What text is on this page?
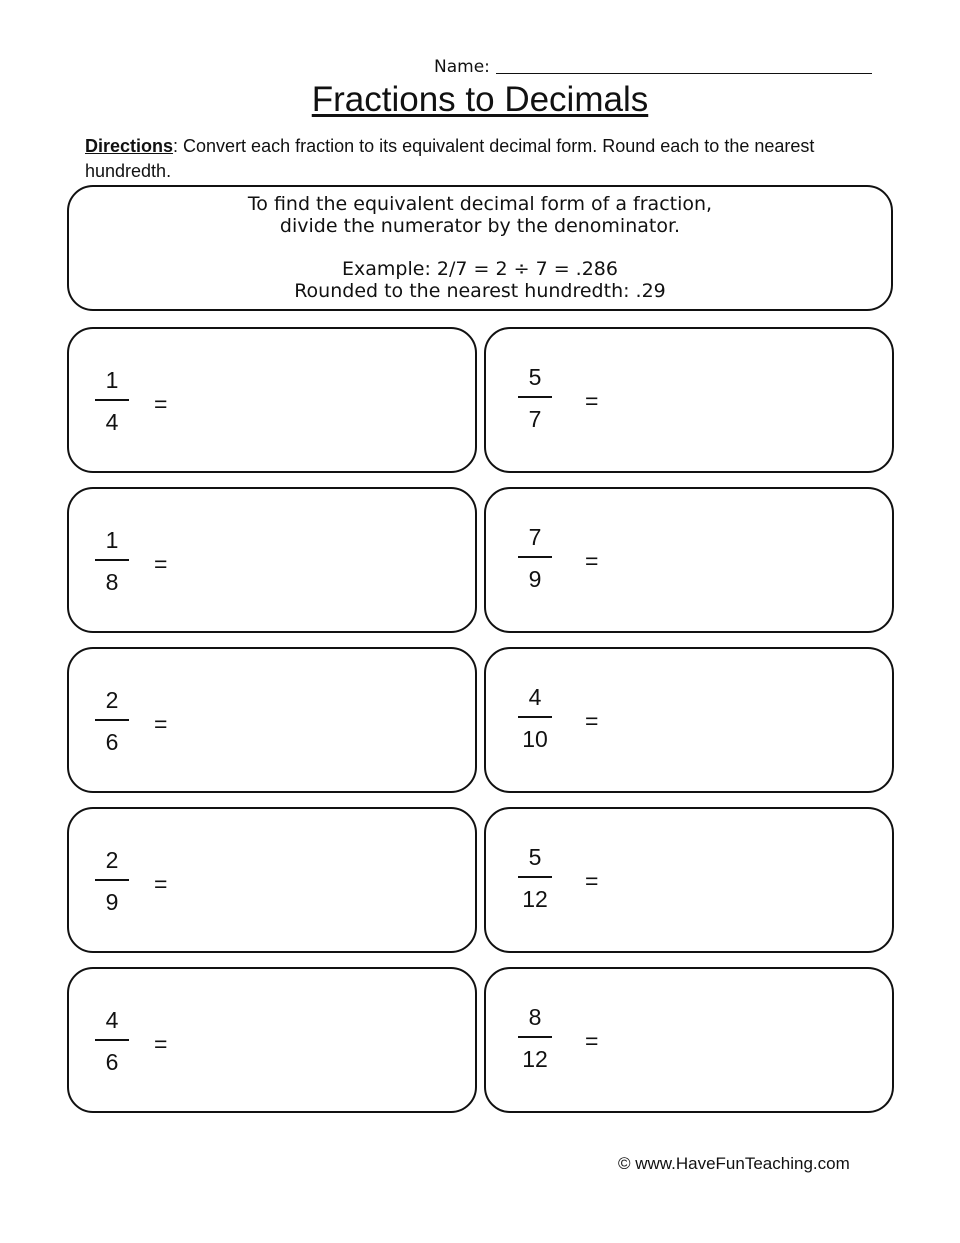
Name:
Fractions to Decimals
Directions: Convert each fraction to its equivalent decimal form. Round each to the nearest hundredth.
To find the equivalent decimal form of a fraction,
divide the numerator by the denominator.
Example: 2/7 = 2 ÷ 7 = .286
Rounded to the nearest hundredth: .29
1
4
=
5
7
=
1
8
=
7
9
=
2
6
=
4
10
=
2
9
=
5
12
=
4
6
=
8
12
=
© www.HaveFunTeaching.com
